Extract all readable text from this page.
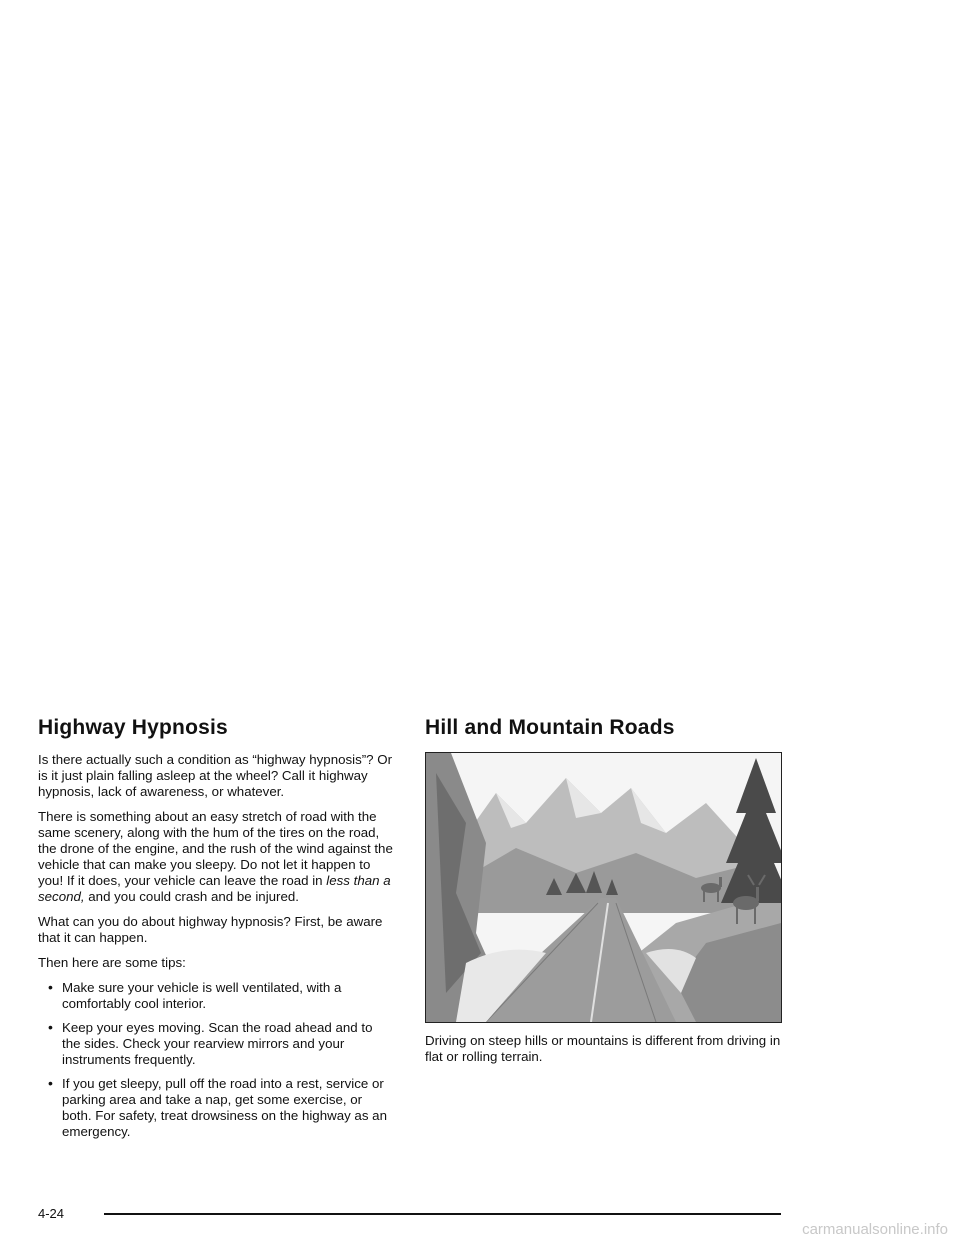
Highway Hypnosis

Is there actually such a condition as “highway hypnosis”? Or is it just plain falling asleep at the wheel? Call it highway hypnosis, lack of awareness, or whatever.

There is something about an easy stretch of road with the same scenery, along with the hum of the tires on the road, the drone of the engine, and the rush of the wind against the vehicle that can make you sleepy. Do not let it happen to you! If it does, your vehicle can leave the road in less than a second, and you could crash and be injured.

What can you do about highway hypnosis? First, be aware that it can happen.

Then here are some tips:

• Make sure your vehicle is well ventilated, with a comfortably cool interior.
• Keep your eyes moving. Scan the road ahead and to the sides. Check your rearview mirrors and your instruments frequently.
• If you get sleepy, pull off the road into a rest, service or parking area and take a nap, get some exercise, or both. For safety, treat drowsiness on the highway as an emergency.
Hill and Mountain Roads

Driving on steep hills or mountains is different from driving in flat or rolling terrain.

4-24
carmanualsonline.info
